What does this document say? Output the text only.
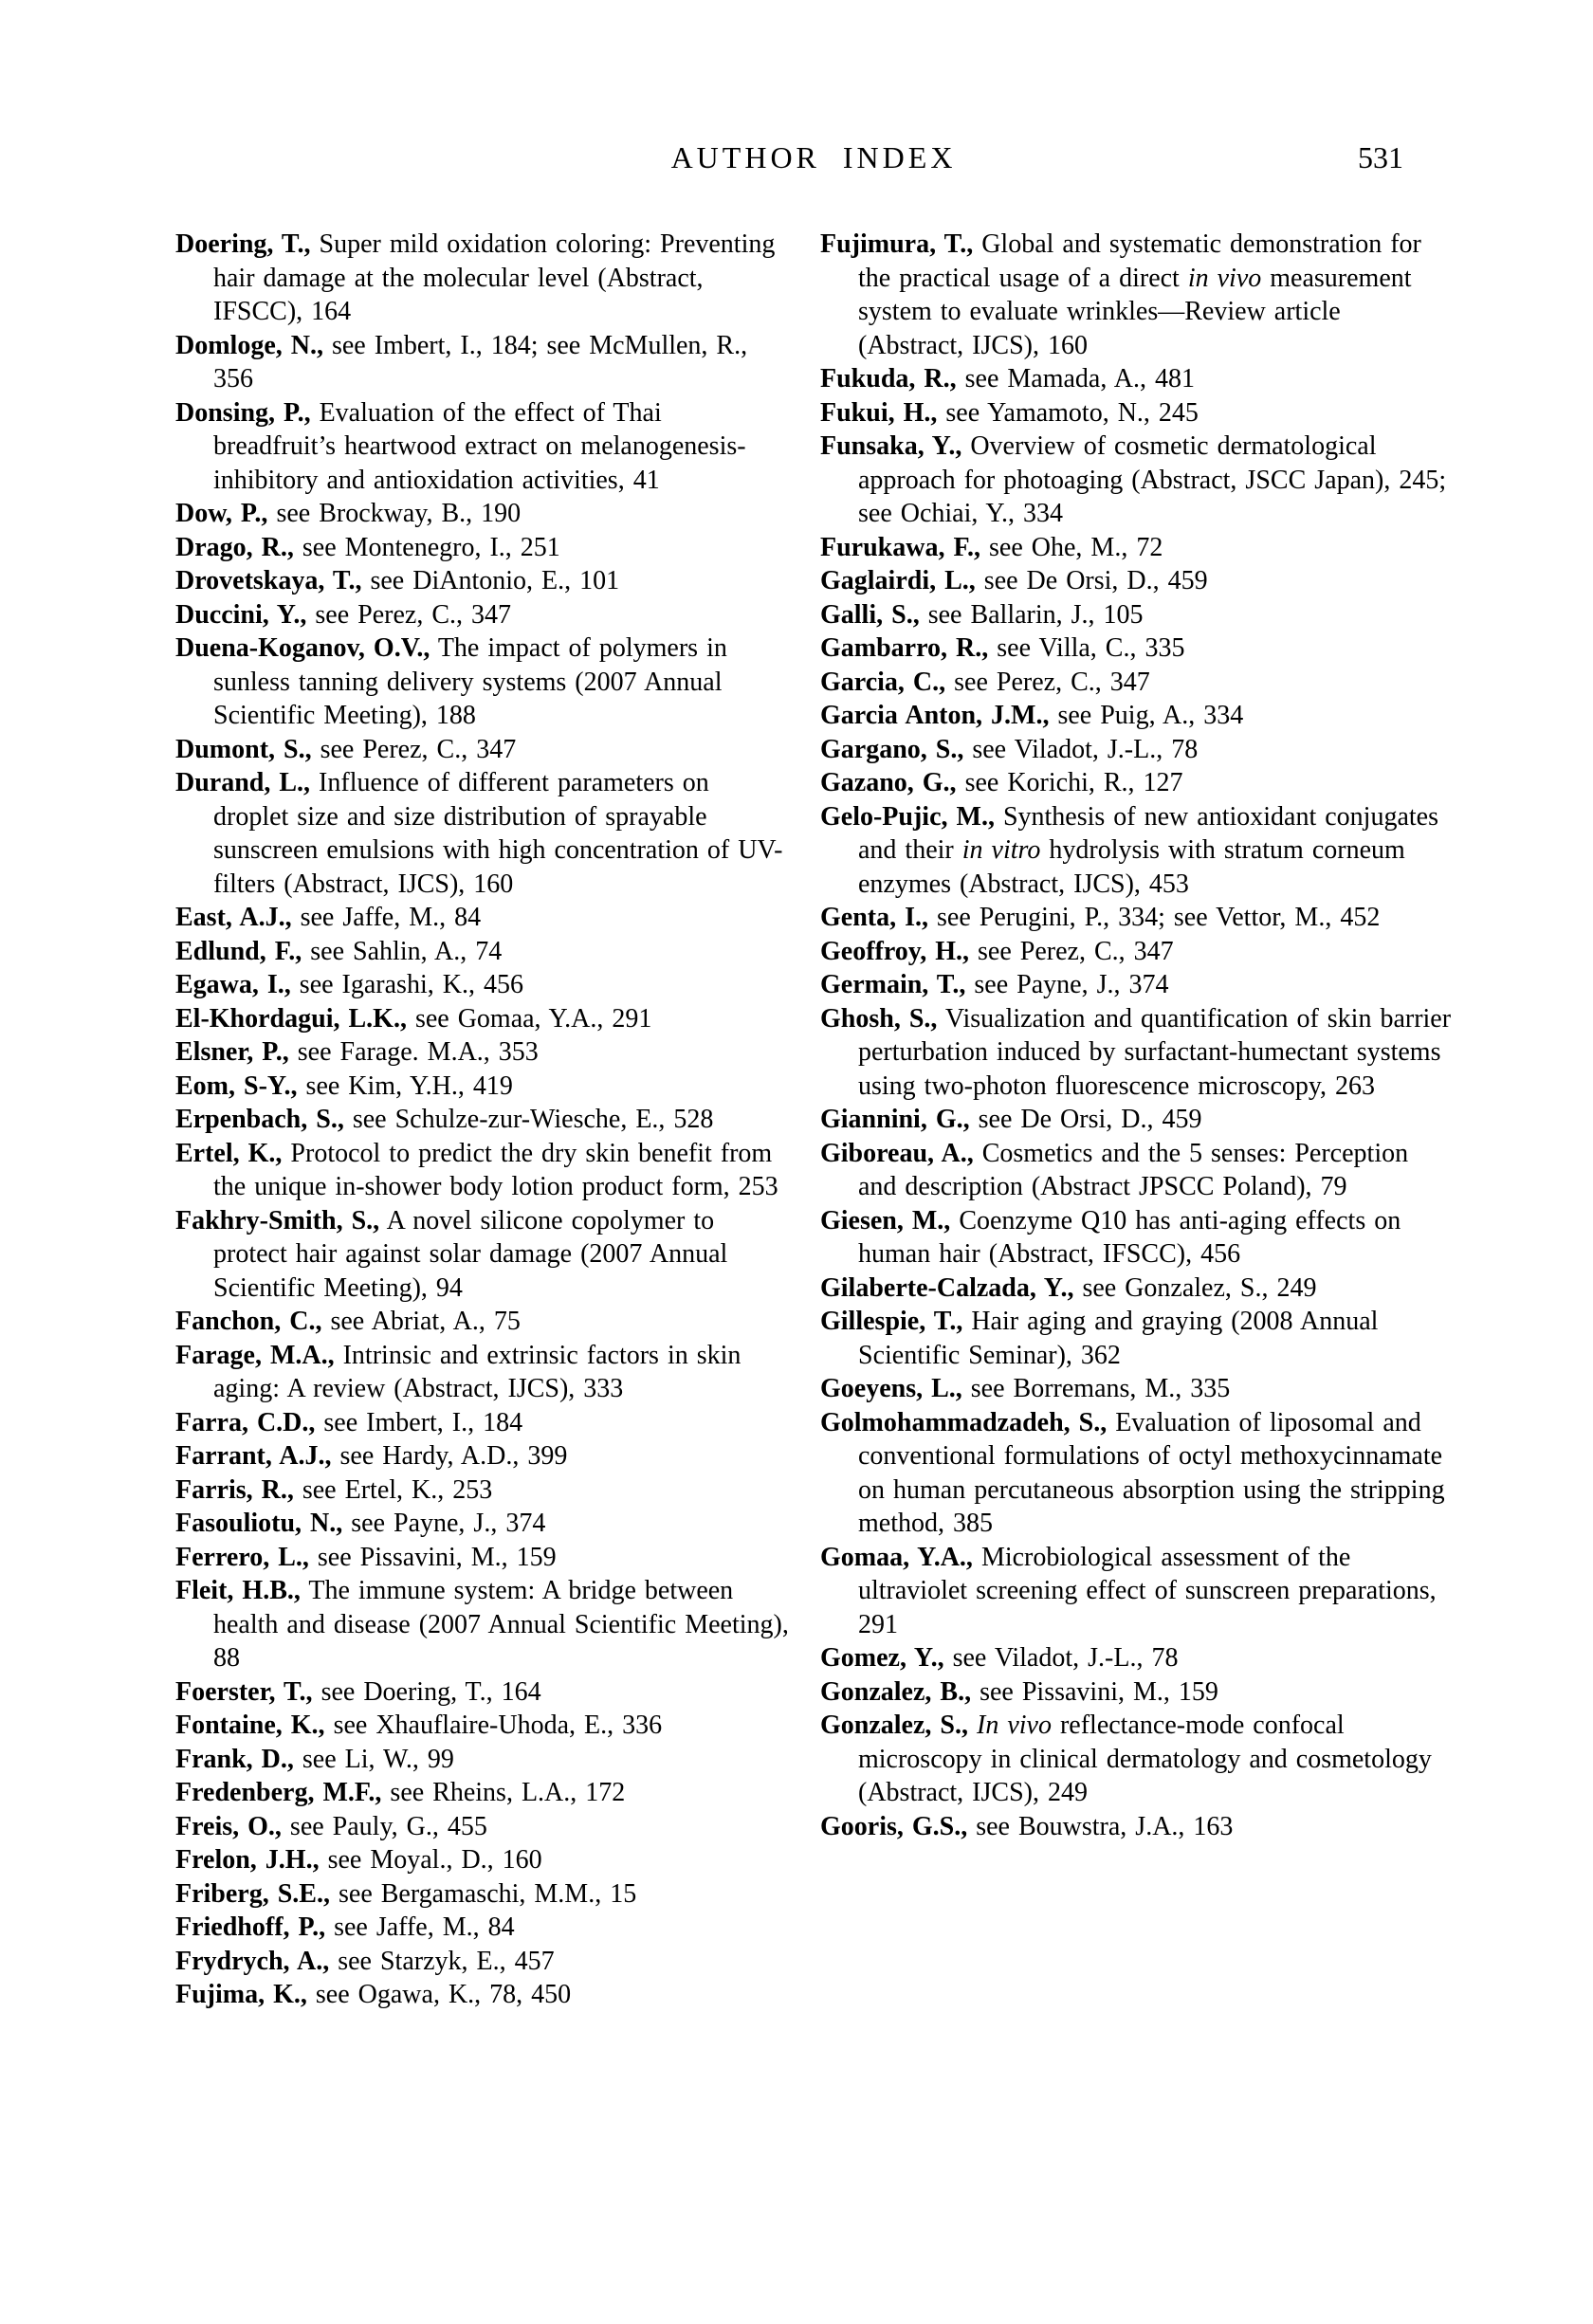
AUTHOR INDEX	531

Doering, T., Super mild oxidation coloring: Preventing hair damage at the molecular level (Abstract, IFSCC), 164

Domloge, N., see Imbert, I., 184; see McMullen, R., 356

Donsing, P., Evaluation of the effect of Thai breadfruit’s heartwood extract on melanogenesis-inhibitory and antioxidation activities, 41

Dow, P., see Brockway, B., 190

Drago, R., see Montenegro, I., 251

Drovetskaya, T., see DiAntonio, E., 101

Duccini, Y., see Perez, C., 347

Duena-Koganov, O.V., The impact of polymers in sunless tanning delivery systems (2007 Annual Scientific Meeting), 188

Dumont, S., see Perez, C., 347

Durand, L., Influence of different parameters on droplet size and size distribution of sprayable sunscreen emulsions with high concentration of UV-filters (Abstract, IJCS), 160

East, A.J., see Jaffe, M., 84

Edlund, F., see Sahlin, A., 74

Egawa, I., see Igarashi, K., 456

El-Khordagui, L.K., see Gomaa, Y.A., 291

Elsner, P., see Farage. M.A., 353

Eom, S-Y., see Kim, Y.H., 419

Erpenbach, S., see Schulze-zur-Wiesche, E., 528

Ertel, K., Protocol to predict the dry skin benefit from the unique in-shower body lotion product form, 253

Fakhry-Smith, S., A novel silicone copolymer to protect hair against solar damage (2007 Annual Scientific Meeting), 94

Fanchon, C., see Abriat, A., 75

Farage, M.A., Intrinsic and extrinsic factors in skin aging: A review (Abstract, IJCS), 333

Farra, C.D., see Imbert, I., 184

Farrant, A.J., see Hardy, A.D., 399

Farris, R., see Ertel, K., 253

Fasouliotu, N., see Payne, J., 374

Ferrero, L., see Pissavini, M., 159

Fleit, H.B., The immune system: A bridge between health and disease (2007 Annual Scientific Meeting), 88

Foerster, T., see Doering, T., 164

Fontaine, K., see Xhauflaire-Uhoda, E., 336

Frank, D., see Li, W., 99

Fredenberg, M.F., see Rheins, L.A., 172

Freis, O., see Pauly, G., 455

Frelon, J.H., see Moyal., D., 160

Friberg, S.E., see Bergamaschi, M.M., 15

Friedhoff, P., see Jaffe, M., 84

Frydrych, A., see Starzyk, E., 457

Fujima, K., see Ogawa, K., 78, 450

Fujimura, T., Global and systematic demonstration for the practical usage of a direct in vivo measurement system to evaluate wrinkles—Review article (Abstract, IJCS), 160

Fukuda, R., see Mamada, A., 481

Fukui, H., see Yamamoto, N., 245

Funsaka, Y., Overview of cosmetic dermatological approach for photoaging (Abstract, JSCC Japan), 245; see Ochiai, Y., 334

Furukawa, F., see Ohe, M., 72

Gaglairdi, L., see De Orsi, D., 459

Galli, S., see Ballarin, J., 105

Gambarro, R., see Villa, C., 335

Garcia, C., see Perez, C., 347

Garcia Anton, J.M., see Puig, A., 334

Gargano, S., see Viladot, J.-L., 78

Gazano, G., see Korichi, R., 127

Gelo-Pujic, M., Synthesis of new antioxidant conjugates and their in vitro hydrolysis with stratum corneum enzymes (Abstract, IJCS), 453

Genta, I., see Perugini, P., 334; see Vettor, M., 452

Geoffroy, H., see Perez, C., 347

Germain, T., see Payne, J., 374

Ghosh, S., Visualization and quantification of skin barrier perturbation induced by surfactant-humectant systems using two-photon fluorescence microscopy, 263

Giannini, G., see De Orsi, D., 459

Giboreau, A., Cosmetics and the 5 senses: Perception and description (Abstract JPSCC Poland), 79

Giesen, M., Coenzyme Q10 has anti-aging effects on human hair (Abstract, IFSCC), 456

Gilaberte-Calzada, Y., see Gonzalez, S., 249

Gillespie, T., Hair aging and graying (2008 Annual Scientific Seminar), 362

Goeyens, L., see Borremans, M., 335

Golmohammadzadeh, S., Evaluation of liposomal and conventional formulations of octyl methoxycinnamate on human percutaneous absorption using the stripping method, 385

Gomaa, Y.A., Microbiological assessment of the ultraviolet screening effect of sunscreen preparations, 291

Gomez, Y., see Viladot, J.-L., 78

Gonzalez, B., see Pissavini, M., 159

Gonzalez, S., In vivo reflectance-mode confocal microscopy in clinical dermatology and cosmetology (Abstract, IJCS), 249

Gooris, G.S., see Bouwstra, J.A., 163
